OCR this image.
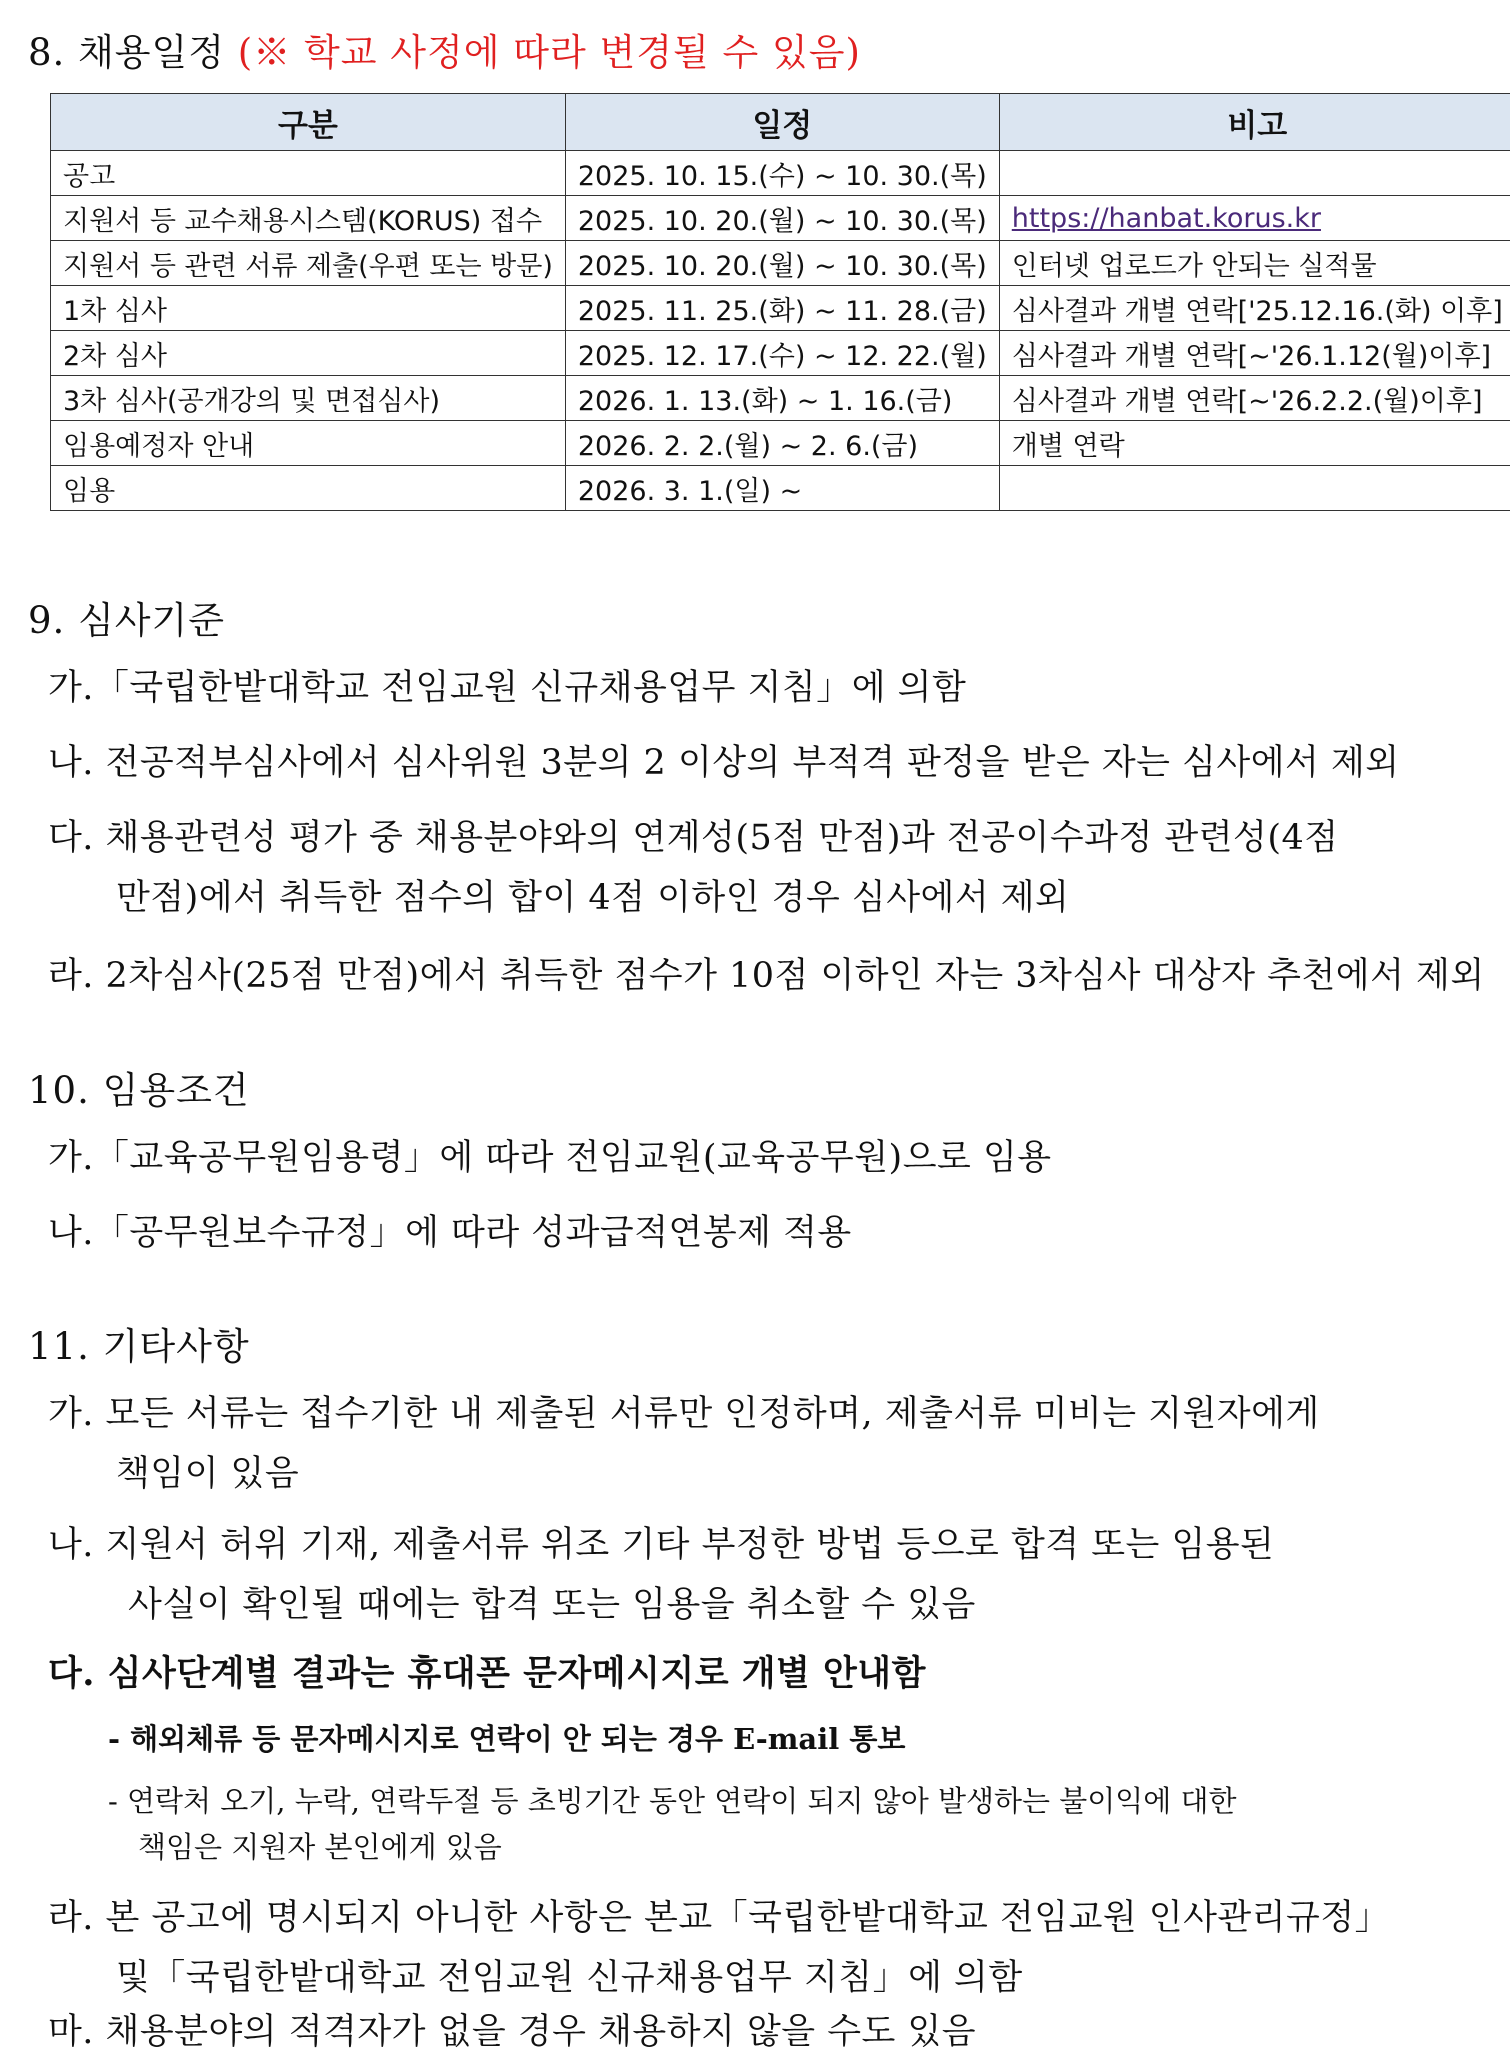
8. 채용일정 (※ 학교 사정에 따라 변경될 수 있음)
구분	일정	비고
공고	2025. 10. 15.(수) ~ 10. 30.(목)	
지원서 등 교수채용시스템(KORUS) 접수	2025. 10. 20.(월) ~ 10. 30.(목)	https://hanbat.korus.kr
지원서 등 관련 서류 제출(우편 또는 방문)	2025. 10. 20.(월) ~ 10. 30.(목)	인터넷 업로드가 안되는 실적물
1차 심사	2025. 11. 25.(화) ~ 11. 28.(금)	심사결과 개별 연락['25.12.16.(화) 이후]
2차 심사	2025. 12. 17.(수) ~ 12. 22.(월)	심사결과 개별 연락[~'26.1.12(월)이후]
3차 심사(공개강의 및 면접심사)	2026. 1. 13.(화) ~ 1. 16.(금)	심사결과 개별 연락[~'26.2.2.(월)이후]
임용예정자 안내	2026. 2. 2.(월) ~ 2. 6.(금)	개별 연락
임용	2026. 3. 1.(일) ~	
9. 심사기준
가.「국립한밭대학교 전임교원 신규채용업무 지침」에 의함
나. 전공적부심사에서 심사위원 3분의 2 이상의 부적격 판정을 받은 자는 심사에서 제외
다. 채용관련성 평가 중 채용분야와의 연계성(5점 만점)과 전공이수과정 관련성(4점
만점)에서 취득한 점수의 합이 4점 이하인 경우 심사에서 제외
라. 2차심사(25점 만점)에서 취득한 점수가 10점 이하인 자는 3차심사 대상자 추천에서 제외
10. 임용조건
가.「교육공무원임용령」에 따라 전임교원(교육공무원)으로 임용
나.「공무원보수규정」에 따라 성과급적연봉제 적용
11. 기타사항
가. 모든 서류는 접수기한 내 제출된 서류만 인정하며, 제출서류 미비는 지원자에게
책임이 있음
나. 지원서 허위 기재, 제출서류 위조 기타 부정한 방법 등으로 합격 또는 임용된
사실이 확인될 때에는 합격 또는 임용을 취소할 수 있음
다. 심사단계별 결과는 휴대폰 문자메시지로 개별 안내함
- 해외체류 등 문자메시지로 연락이 안 되는 경우 E-mail 통보
- 연락처 오기, 누락, 연락두절 등 초빙기간 동안 연락이 되지 않아 발생하는 불이익에 대한
책임은 지원자 본인에게 있음
라. 본 공고에 명시되지 아니한 사항은 본교「국립한밭대학교 전임교원 인사관리규정」
및「국립한밭대학교 전임교원 신규채용업무 지침」에 의함
마. 채용분야의 적격자가 없을 경우 채용하지 않을 수도 있음
